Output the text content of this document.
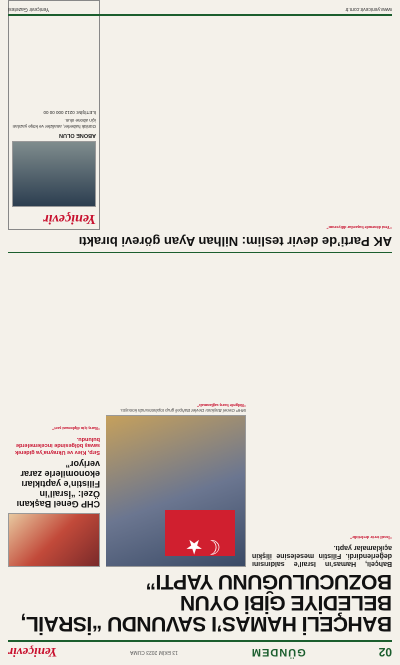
02
GÜNDEM
13 EKİM 2023 CUMA
Yeniçevir
BAHÇELİ HAMAS’I SAVUNDU “İSRAİL, BELEDİYE GİBİ OYUN BOZUCULUĞUNU YAPTI”

Bahçeli, Hamas’ın İsrail’e saldırısını değerlendirdi. Filistin meselesine ilişkin açıklamalar yaptı.

“İsrail terör devletidir”

☾★
MHP Genel Başkanı Devlet Bahçeli grup toplantısında konuştu.

“Bölgede barış sağlanmalı”

CHP Genel Başkanı Özel: “İsrail’in Filistin’e yaptıkları ekonomilerle zarar veriyor”
Sırp, Kiev ve Ukrayna’ya giderek savaş bölgesinde incelemelerde bulundu.

“Barış için diplomasi şart”

AK Parti’de devir teslim: Nilhan Ayan görevi bıraktı

“Yeni dönemde başarılar diliyorum”

Yeniçevir
ABONE OLUN
Günlük haberler, analizler ve köşe yazıları için abone olun.
İLETİŞİM: 0212 000 00 00
www.yenicevir.com.tr
Yeniçevir Gazetesi
